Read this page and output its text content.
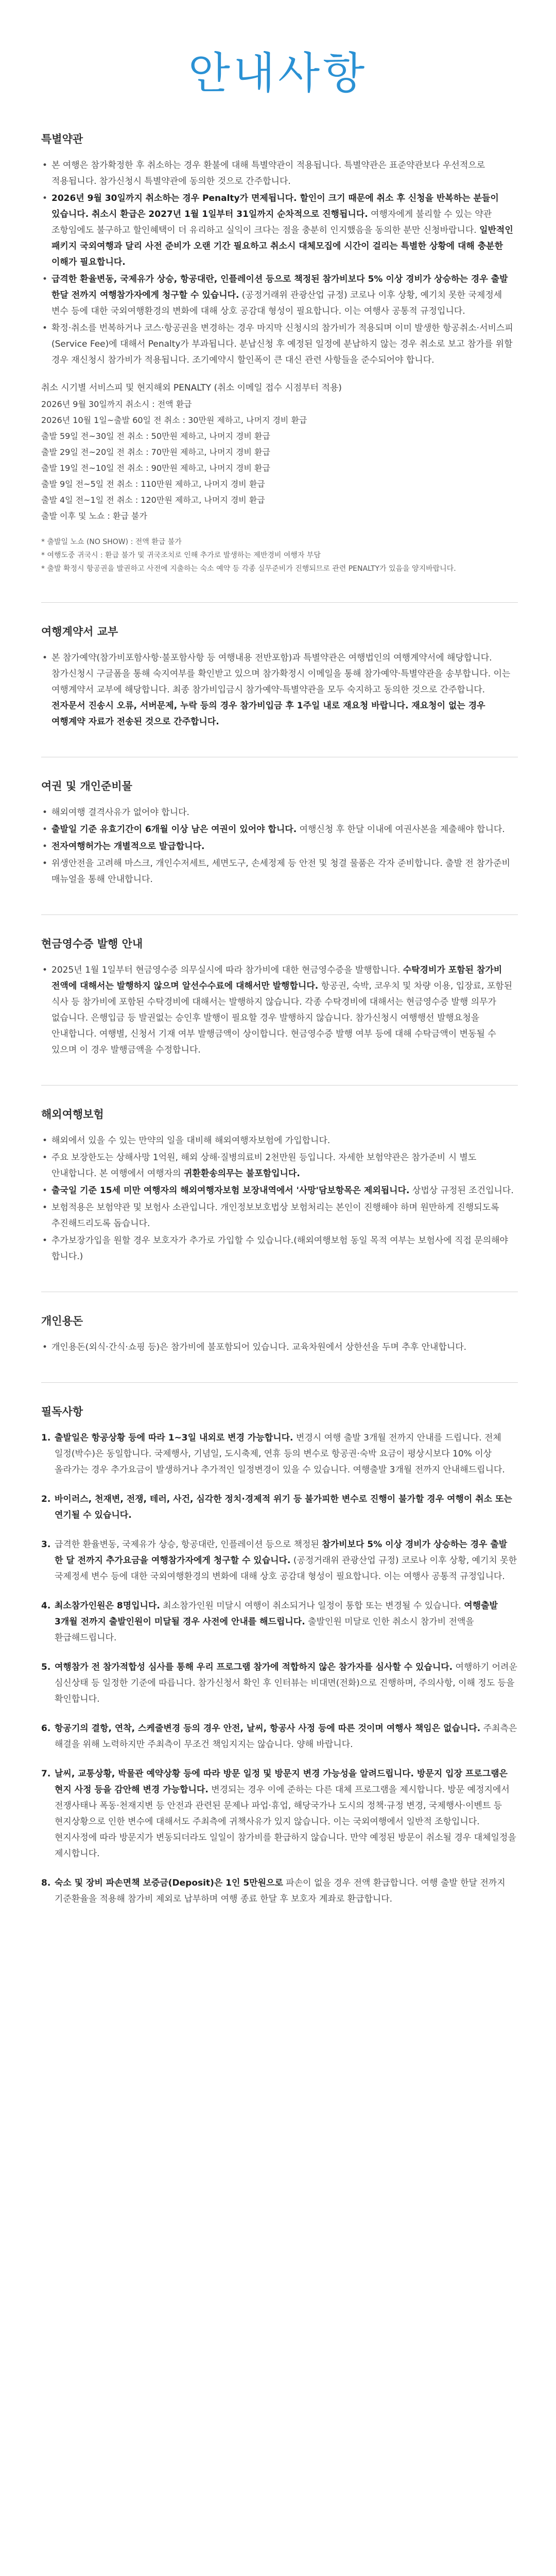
안내사항
특별약관
• 본 여행은 참가확정한 후 취소하는 경우 환불에 대해 특별약관이 적용됩니다. 특별약관은 표준약관보다 우선적으로 적용됩니다. 참가신청시 특별약관에 동의한 것으로 간주합니다.
• 2026년 9월 30일까지 취소하는 경우 Penalty가 면제됩니다. 할인이 크기 때문에 취소 후 신청을 반복하는 분들이 있습니다. 취소시 환급은 2027년 1월 1일부터 31일까지 순차적으로 진행됩니다. 여행자에게 불리할 수 있는 약관 조항임에도 불구하고 할인혜택이 더 유리하고 실익이 크다는 점을 충분히 인지했음을 동의한 분만 신청바랍니다. 일반적인 패키지 국외여행과 달리 사전 준비가 오랜 기간 필요하고 취소시 대체모집에 시간이 걸리는 특별한 상황에 대해 충분한 이해가 필요합니다.
• 급격한 환율변동, 국제유가 상승, 항공대란, 인플레이션 등으로 책정된 참가비보다 5% 이상 경비가 상승하는 경우 출발 한달 전까지 여행참가자에게 청구할 수 있습니다. (공정거래위 관광산업 규정) 코로나 이후 상황, 예기치 못한 국제정세 변수 등에 대한 국외여행환경의 변화에 대해 상호 공감대 형성이 필요합니다. 이는 여행사 공통적 규정입니다.
• 확정·취소를 번복하거나 코스·항공권을 변경하는 경우 마지막 신청시의 참가비가 적용되며 이미 발생한 항공취소·서비스피(Service Fee)에 대해서 Penalty가 부과됩니다. 분납신청 후 예정된 일정에 분납하지 않는 경우 취소로 보고 참가를 위할 경우 재신청시 참가비가 적용됩니다. 조기예약시 할인폭이 큰 대신 관련 사항들을 준수되어야 합니다.
취소 시기별 서비스피 및 현지해외 PENALTY (취소 이메일 접수 시점부터 적용)
2026년 9월 30일까지 취소시 : 전액 환급
2026년 10월 1일~출발 60일 전 취소 : 30만원 제하고, 나머지 경비 환급
출발 59일 전~30일 전 취소 : 50만원 제하고, 나머지 경비 환급
출발 29일 전~20일 전 취소 : 70만원 제하고, 나머지 경비 환급
출발 19일 전~10일 전 취소 : 90만원 제하고, 나머지 경비 환급
출발 9일 전~5일 전 취소 : 110만원 제하고, 나머지 경비 환급
출발 4일 전~1일 전 취소 : 120만원 제하고, 나머지 경비 환급
출발 이후 및 노쇼 : 환급 불가
* 출발일 노쇼 (NO SHOW) : 전액 환급 불가
* 여행도중 귀국시 : 환급 불가 및 귀국조치로 인해 추가로 발생하는 제반경비 여행자 부담
* 출발 확정시 항공권을 발권하고 사전에 지출하는 숙소 예약 등 각종 실무준비가 진행되므로 관련 PENALTY가 있음을 양지바랍니다.
여행계약서 교부
• 본 참가예약(참가비포함사항·불포함사항 등 여행내용 전반포함)과 특별약관은 여행법인의 여행계약서에 해당합니다. 참가신청시 구글폼을 통해 숙지여부를 확인받고 있으며 참가확정시 이메일을 통해 참가예약·특별약관을 송부합니다. 이는 여행계약서 교부에 해당합니다. 최종 참가비입금시 참가예약·특별약관을 모두 숙지하고 동의한 것으로 간주합니다. 전자문서 진송시 오류, 서버문제, 누락 등의 경우 참가비입금 후 1주일 내로 재요청 바랍니다. 재요청이 없는 경우 여행계약 자료가 전송된 것으로 간주합니다.
여권 및 개인준비물
• 해외여행 결격사유가 없어야 합니다.
• 출발일 기준 유효기간이 6개월 이상 남은 여권이 있어야 합니다. 여행신청 후 한달 이내에 여권사본을 제출해야 합니다.
• 전자여행허가는 개별적으로 발급합니다.
• 위생안전을 고려해 마스크, 개인수저세트, 세면도구, 손세정제 등 안전 및 청결 물품은 각자 준비합니다. 출발 전 참가준비 매뉴얼을 통해 안내합니다.
현금영수증 발행 안내
• 2025년 1월 1일부터 현금영수증 의무실시에 따라 참가비에 대한 현금영수증을 발행합니다. 수탁경비가 포함된 참가비 전액에 대해서는 발행하지 않으며 알선수수료에 대해서만 발행합니다. 항공권, 숙박, 코우치 및 차량 이용, 입장료, 포함된 식사 등 참가비에 포함된 수탁경비에 대해서는 발행하지 않습니다. 각종 수탁경비에 대해서는 현금영수증 발행 의무가 없습니다. 은행입금 등 발권없는 승인후 발행이 필요할 경우 발행하지 않습니다. 참가신청시 여행행선 발행요청을 안내합니다. 여행별, 신청서 기재 여부 발행금액이 상이합니다. 현금영수증 발행 여부 등에 대해 수탁금액이 변동될 수 있으며 이 경우 발행금액을 수정합니다.
해외여행보험
• 해외에서 있을 수 있는 만약의 일을 대비해 해외여행자보험에 가입합니다.
• 주요 보장한도는 상해사망 1억원, 해외 상해·질병의료비 2천만원 등입니다. 자세한 보험약관은 참가준비 시 별도 안내합니다. 본 여행에서 여행자의 귀환환송의무는 불포함입니다.
• 출국일 기준 15세 미만 여행자의 해외여행자보험 보장내역에서 '사망'담보항목은 제외됩니다. 상법상 규정된 조건입니다.
• 보험적용은 보험약관 및 보험사 소관입니다. 개인정보보호법상 보험처리는 본인이 진행해야 하며 원만하게 진행되도록 추진해드리도록 돕습니다.
• 추가보장가입을 원할 경우 보호자가 추가로 가입할 수 있습니다.(해외여행보험 동일 목적 여부는 보험사에 직접 문의해야 합니다.)
개인용돈
• 개인용돈(외식·간식·쇼핑 등)은 참가비에 불포함되어 있습니다. 교육차원에서 상한선을 두며 추후 안내합니다.
필독사항
1. 출발일은 항공상황 등에 따라 1~3일 내외로 변경 가능합니다. 변경시 여행 출발 3개월 전까지 안내를 드립니다. 전체 일정(박수)은 동일합니다. 국제행사, 기념일, 도시축제, 연휴 등의 변수로 항공권·숙박 요금이 평상시보다 10% 이상 올라가는 경우 추가요금이 발생하거나 추가적인 일정변경이 있을 수 있습니다. 여행출발 3개월 전까지 안내해드립니다.
2. 바이러스, 천재변, 전쟁, 테러, 사건, 심각한 정치·경제적 위기 등 불가피한 변수로 진행이 불가할 경우 여행이 취소 또는 연기될 수 있습니다.
3. 급격한 환율변동, 국제유가 상승, 항공대란, 인플레이션 등으로 책정된 참가비보다 5% 이상 경비가 상승하는 경우 출발 한 달 전까지 추가요금을 여행참가자에게 청구할 수 있습니다. (공정거래위 관광산업 규정) 코로나 이후 상황, 예기치 못한 국제정세 변수 등에 대한 국외여행환경의 변화에 대해 상호 공감대 형성이 필요합니다. 이는 여행사 공통적 규정입니다.
4. 최소참가인원은 8명입니다. 최소참가인원 미달시 여행이 취소되거나 일정이 통합 또는 변경될 수 있습니다. 여행출발 3개월 전까지 출발인원이 미달될 경우 사전에 안내를 해드립니다. 출발인원 미달로 인한 취소시 참가비 전액을 환급해드립니다.
5. 여행참가 전 참가적합성 심사를 통해 우리 프로그램 참가에 적합하지 않은 참가자를 심사할 수 있습니다. 여행하기 어려운 심신상태 등 일정한 기준에 따릅니다. 참가신청서 확인 후 인터뷰는 비대면(전화)으로 진행하며, 주의사항, 이해 정도 등을 확인합니다.
6. 항공기의 결항, 연착, 스케줄변경 등의 경우 안전, 날씨, 항공사 사정 등에 따른 것이며 여행사 책임은 없습니다. 주최측은 해결을 위해 노력하지만 주최측이 무조건 책임지지는 않습니다. 양해 바랍니다.
7. 날씨, 교통상황, 박물관 예약상황 등에 따라 방문 일정 및 방문지 변경 가능성을 알려드립니다. 방문지 입장 프로그램은 현지 사정 등을 감안해 변경 가능합니다. 변경되는 경우 이에 준하는 다른 대체 프로그램을 제시합니다. 방문 예정지에서 전쟁사태나 폭동·천재지변 등 안전과 관련된 문제나 파업·휴업, 해당국가나 도시의 정책·규정 변경, 국제행사·이벤트 등 현지상황으로 인한 변수에 대해서도 주최측에 귀책사유가 있지 않습니다. 이는 국외여행에서 일반적 조항입니다. 현지사정에 따라 방문지가 변동되더라도 일일이 참가비를 환급하지 않습니다. 만약 예정된 방문이 취소될 경우 대체일정을 제시합니다.
8. 숙소 및 장비 파손면책 보증금(Deposit)은 1인 5만원으로 파손이 없을 경우 전액 환급합니다. 여행 출발 한달 전까지 기준환율을 적용해 참가비 제외로 납부하며 여행 종료 한달 후 보호자 계좌로 환급합니다.
